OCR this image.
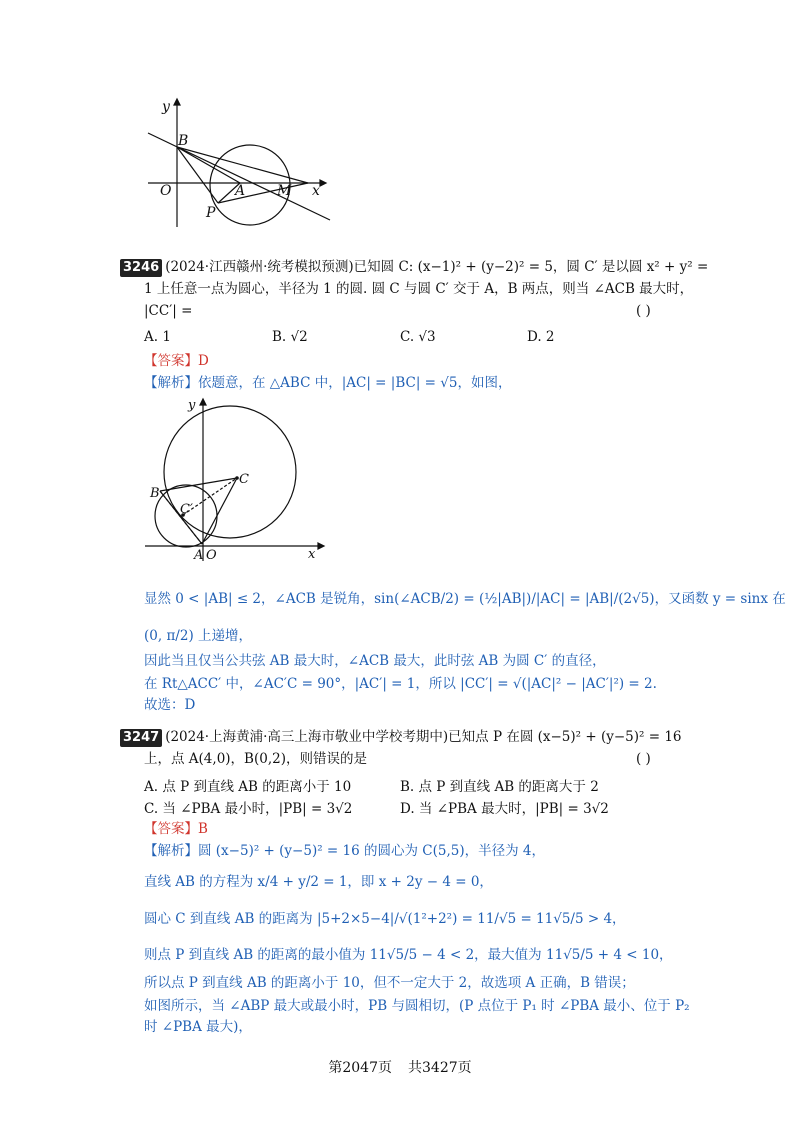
y
B
O	A M x
P
3246 (2024·江西赣州·统考模拟预测)已知圆 C: (x−1)² + (y−2)² = 5，圆 C′ 是以圆 x² + y² =
1 上任意一点为圆心，半径为 1 的圆. 圆 C 与圆 C′ 交于 A，B 两点，则当 ∠ACB 最大时，
|CC′| =	( )
A. 1	B. √2	C. √3	D. 2
【答案】D
【解析】依题意，在 △ABC 中，|AC| = |BC| = √5，如图，
y
x
C
B
C′
A O
显然 0 < |AB| ≤ 2，∠ACB 是锐角，sin(∠ACB/2) = (½|AB|)/|AC| = |AB|/(2√5)，又函数 y = sinx 在
(0, π/2) 上递增，
因此当且仅当公共弦 AB 最大时，∠ACB 最大，此时弦 AB 为圆 C′ 的直径，
在 Rt△ACC′ 中，∠AC′C = 90°，|AC′| = 1，所以 |CC′| = √(|AC|² − |AC′|²) = 2.
故选：D
3247 (2024·上海黄浦·高三上海市敬业中学校考期中)已知点 P 在圆 (x−5)² + (y−5)² = 16
上，点 A(4,0)，B(0,2)，则错误的是	( )
A. 点 P 到直线 AB 的距离小于 10	B. 点 P 到直线 AB 的距离大于 2
C. 当 ∠PBA 最小时，|PB| = 3√2	D. 当 ∠PBA 最大时，|PB| = 3√2
【答案】B
【解析】圆 (x−5)² + (y−5)² = 16 的圆心为 C(5,5)，半径为 4，
直线 AB 的方程为 x/4 + y/2 = 1，即 x + 2y − 4 = 0，
圆心 C 到直线 AB 的距离为 |5+2×5−4|/√(1²+2²) = 11/√5 = 11√5/5 > 4，
则点 P 到直线 AB 的距离的最小值为 11√5/5 − 4 < 2，最大值为 11√5/5 + 4 < 10，
所以点 P 到直线 AB 的距离小于 10，但不一定大于 2，故选项 A 正确，B 错误；
如图所示，当 ∠ABP 最大或最小时，PB 与圆相切，(P 点位于 P₁ 时 ∠PBA 最小、位于 P₂
时 ∠PBA 最大)，
第2047页 共3427页
